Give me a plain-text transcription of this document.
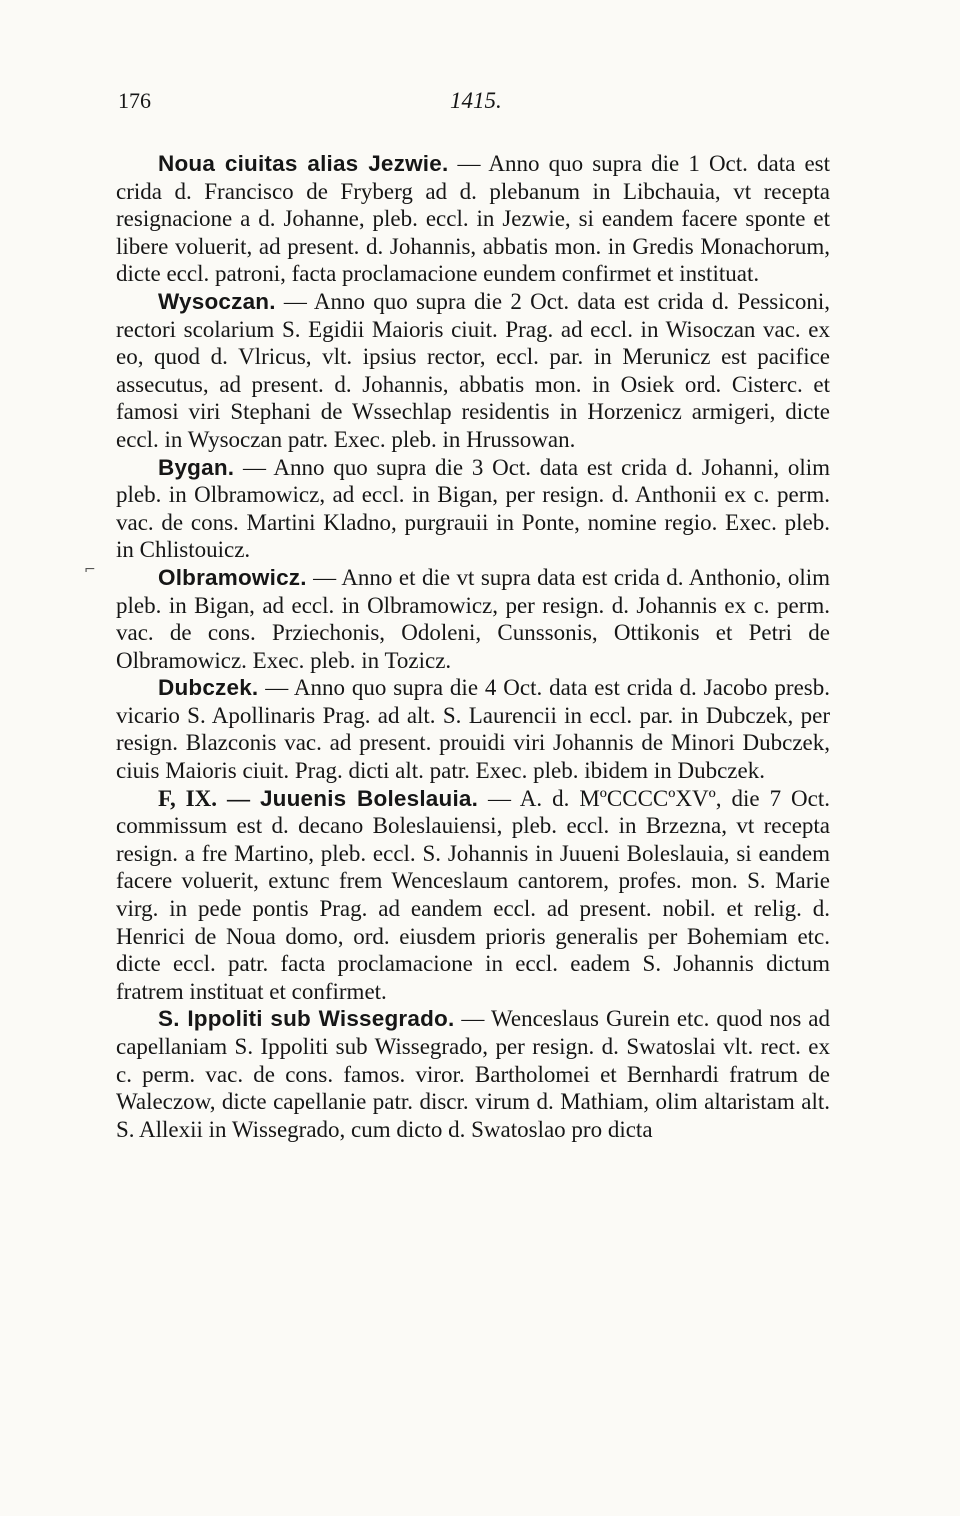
176	1415.
⌐

Noua ciuitas alias Jezwie. — Anno quo supra die 1 Oct. data est crida d. Francisco de Fryberg ad d. plebanum in Libchauia, vt recepta resignacione a d. Johanne, pleb. eccl. in Jezwie, si eandem facere sponte et libere voluerit, ad present. d. Johannis, abbatis mon. in Gredis Monachorum, dicte eccl. patroni, facta proclamacione eundem confirmet et instituat.

Wysoczan. — Anno quo supra die 2 Oct. data est crida d. Pessiconi, rectori scolarium S. Egidii Maioris ciuit. Prag. ad eccl. in Wisoczan vac. ex eo, quod d. Vlricus, vlt. ipsius rector, eccl. par. in Merunicz est pacifice assecutus, ad present. d. Johannis, abbatis mon. in Osiek ord. Cisterc. et famosi viri Stephani de Wssechlap residentis in Horzenicz armigeri, dicte eccl. in Wysoczan patr. Exec. pleb. in Hrussowan.

Bygan. — Anno quo supra die 3 Oct. data est crida d. Johanni, olim pleb. in Olbramowicz, ad eccl. in Bigan, per resign. d. Anthonii ex c. perm. vac. de cons. Martini Kladno, purgrauii in Ponte, nomine regio. Exec. pleb. in Chlistouicz.

Olbramowicz. — Anno et die vt supra data est crida d. Anthonio, olim pleb. in Bigan, ad eccl. in Olbramowicz, per resign. d. Johannis ex c. perm. vac. de cons. Prziechonis, Odoleni, Cunssonis, Ottikonis et Petri de Olbramowicz. Exec. pleb. in Tozicz.

Dubczek. — Anno quo supra die 4 Oct. data est crida d. Jacobo presb. vicario S. Apollinaris Prag. ad alt. S. Laurencii in eccl. par. in Dubczek, per resign. Blazconis vac. ad present. prouidi viri Johannis de Minori Dubczek, ciuis Maioris ciuit. Prag. dicti alt. patr. Exec. pleb. ibidem in Dubczek.

F, IX. — Juuenis Boleslauia. — A. d. MºCCCCºXVº, die 7 Oct. commissum est d. decano Boleslauiensi, pleb. eccl. in Brzezna, vt recepta resign. a fre Martino, pleb. eccl. S. Johannis in Juueni Boleslauia, si eandem facere voluerit, extunc frem Wenceslaum cantorem, profes. mon. S. Marie virg. in pede pontis Prag. ad eandem eccl. ad present. nobil. et relig. d. Henrici de Noua domo, ord. eiusdem prioris generalis per Bohemiam etc. dicte eccl. patr. facta proclamacione in eccl. eadem S. Johannis dictum fratrem instituat et confirmet.

S. Ippoliti sub Wissegrado. — Wenceslaus Gurein etc. quod nos ad capellaniam S. Ippoliti sub Wissegrado, per resign. d. Swatoslai vlt. rect. ex c. perm. vac. de cons. famos. viror. Bartholomei et Bernhardi fratrum de Waleczow, dicte capellanie patr. discr. virum d. Mathiam, olim altaristam alt. S. Allexii in Wissegrado, cum dicto d. Swatoslao pro dicta
